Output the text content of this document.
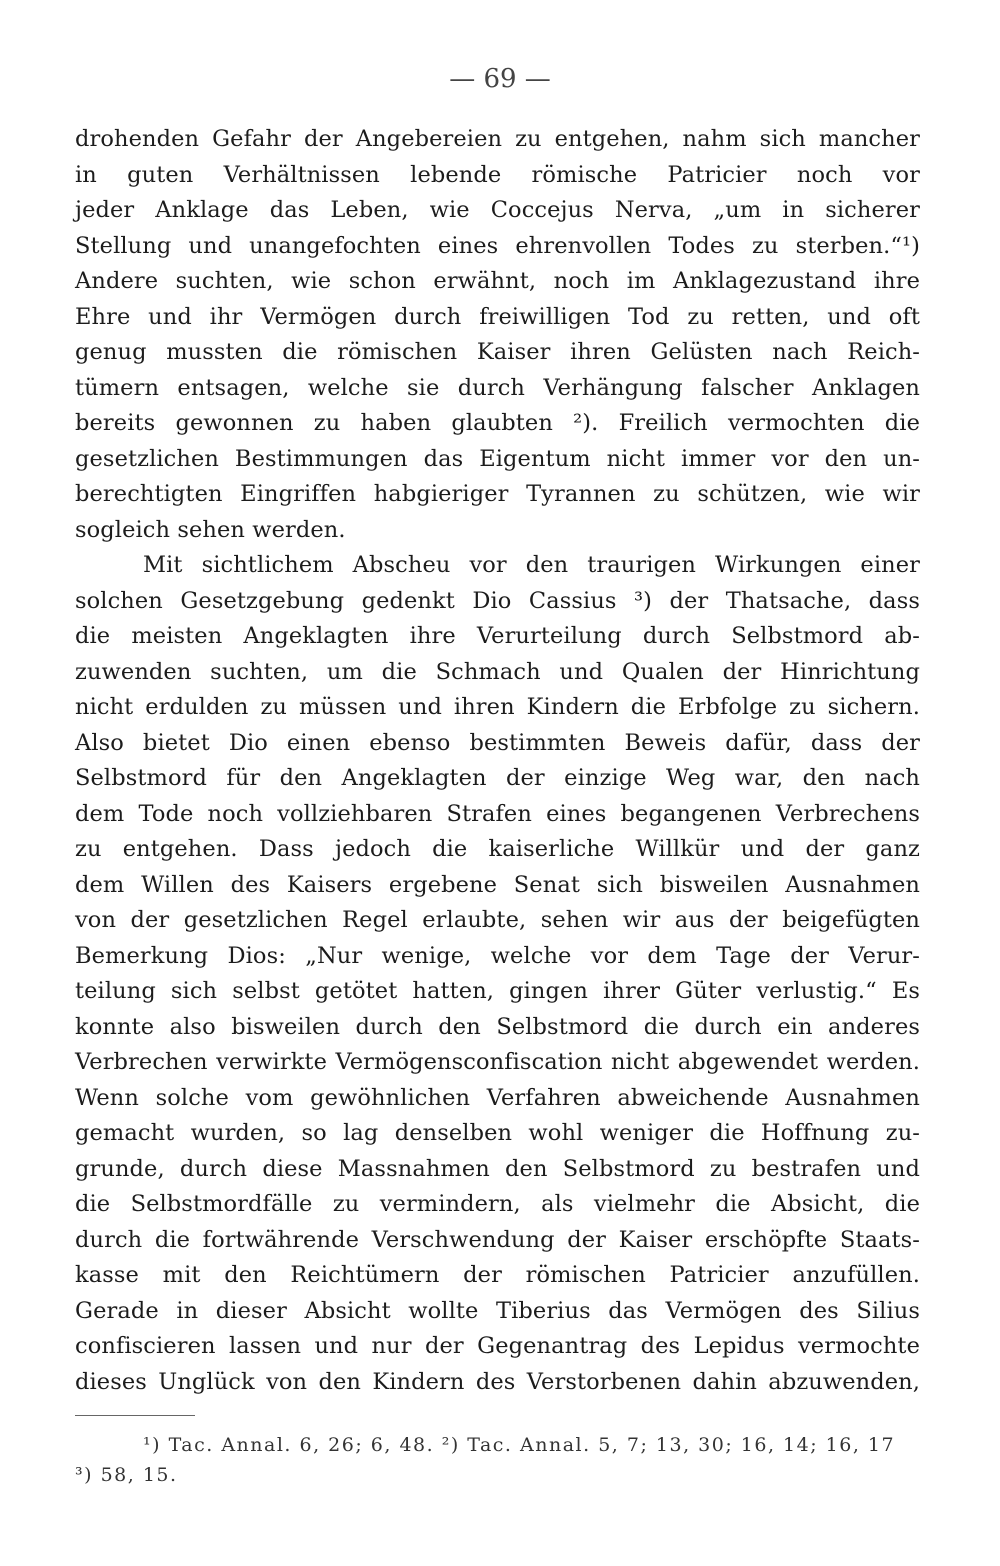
— 69 —
drohenden Gefahr der Angebereien zu entgehen, nahm sich mancher
in guten Verhältnissen lebende römische Patricier noch vor
jeder Anklage das Leben, wie Coccejus Nerva, „um in sicherer
Stellung und unangefochten eines ehrenvollen Todes zu sterben.“¹)
Andere suchten, wie schon erwähnt, noch im Anklagezustand ihre
Ehre und ihr Vermögen durch freiwilligen Tod zu retten, und oft
genug mussten die römischen Kaiser ihren Gelüsten nach Reich-
tümern entsagen, welche sie durch Verhängung falscher Anklagen
bereits gewonnen zu haben glaubten ²). Freilich vermochten die
gesetzlichen Bestimmungen das Eigentum nicht immer vor den un-
berechtigten Eingriffen habgieriger Tyrannen zu schützen, wie wir
sogleich sehen werden.
Mit sichtlichem Abscheu vor den traurigen Wirkungen einer
solchen Gesetzgebung gedenkt Dio Cassius ³) der Thatsache, dass
die meisten Angeklagten ihre Verurteilung durch Selbstmord ab-
zuwenden suchten, um die Schmach und Qualen der Hinrichtung
nicht erdulden zu müssen und ihren Kindern die Erbfolge zu sichern.
Also bietet Dio einen ebenso bestimmten Beweis dafür, dass der
Selbstmord für den Angeklagten der einzige Weg war, den nach
dem Tode noch vollziehbaren Strafen eines begangenen Verbrechens
zu entgehen. Dass jedoch die kaiserliche Willkür und der ganz
dem Willen des Kaisers ergebene Senat sich bisweilen Ausnahmen
von der gesetzlichen Regel erlaubte, sehen wir aus der beigefügten
Bemerkung Dios: „Nur wenige, welche vor dem Tage der Verur-
teilung sich selbst getötet hatten, gingen ihrer Güter verlustig.“ Es
konnte also bisweilen durch den Selbstmord die durch ein anderes
Verbrechen verwirkte Vermögensconfiscation nicht abgewendet werden.
Wenn solche vom gewöhnlichen Verfahren abweichende Ausnahmen
gemacht wurden, so lag denselben wohl weniger die Hoffnung zu-
grunde, durch diese Massnahmen den Selbstmord zu bestrafen und
die Selbstmordfälle zu vermindern, als vielmehr die Absicht, die
durch die fortwährende Verschwendung der Kaiser erschöpfte Staats-
kasse mit den Reichtümern der römischen Patricier anzufüllen.
Gerade in dieser Absicht wollte Tiberius das Vermögen des Silius
confiscieren lassen und nur der Gegenantrag des Lepidus vermochte
dieses Unglück von den Kindern des Verstorbenen dahin abzuwenden,
¹) Tac. Annal. 6, 26; 6, 48. ²) Tac. Annal. 5, 7; 13, 30; 16, 14; 16, 17
³) 58, 15.
